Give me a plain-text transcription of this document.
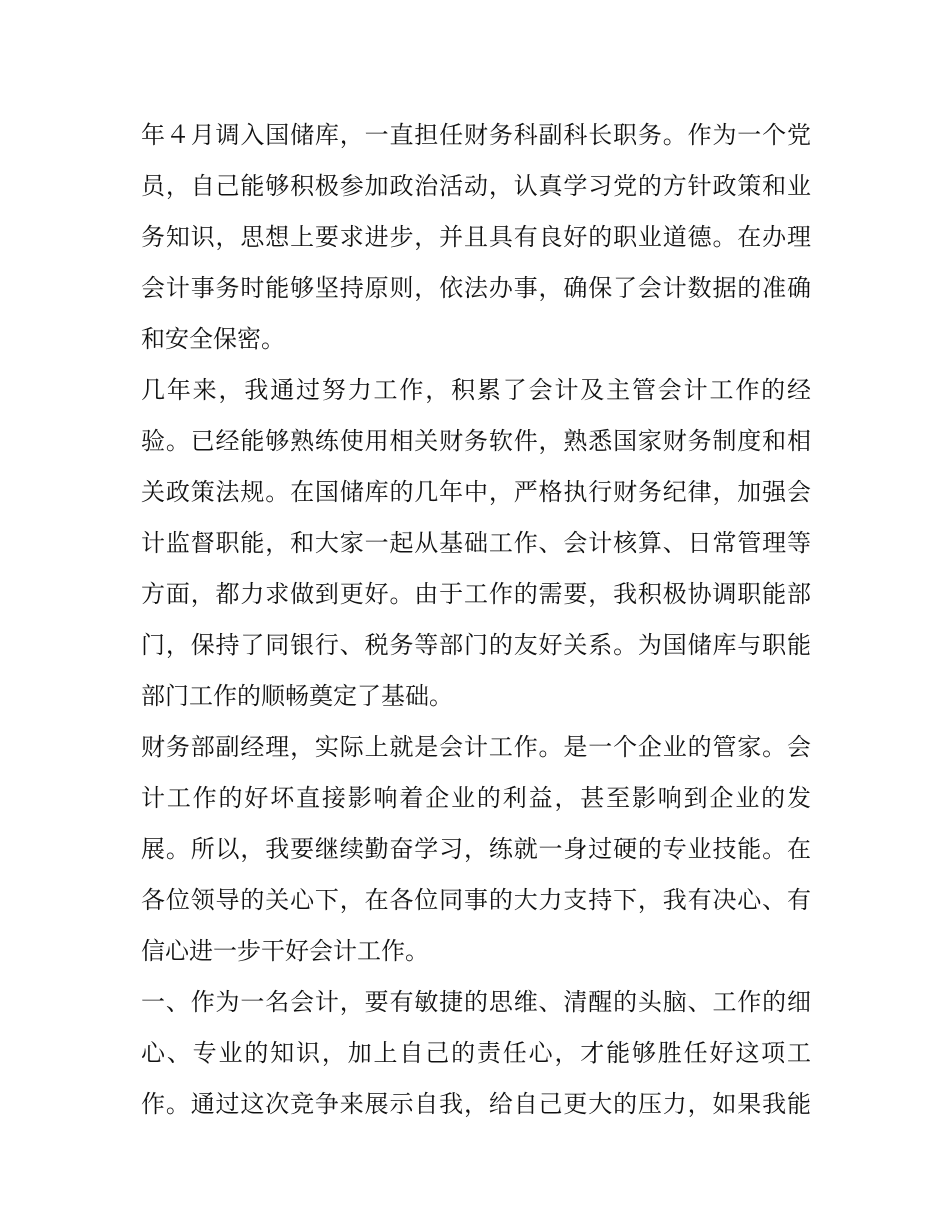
年４月调入国储库，一直担任财务科副科长职务。作为一个党
员，自己能够积极参加政治活动，认真学习党的方针政策和业
务知识，思想上要求进步，并且具有良好的职业道德。在办理
会计事务时能够坚持原则，依法办事，确保了会计数据的准确
和安全保密。
几年来，我通过努力工作，积累了会计及主管会计工作的经
验。已经能够熟练使用相关财务软件，熟悉国家财务制度和相
关政策法规。在国储库的几年中，严格执行财务纪律，加强会
计监督职能，和大家一起从基础工作、会计核算、日常管理等
方面，都力求做到更好。由于工作的需要，我积极协调职能部
门，保持了同银行、税务等部门的友好关系。为国储库与职能
部门工作的顺畅奠定了基础。
财务部副经理，实际上就是会计工作。是一个企业的管家。会
计工作的好坏直接影响着企业的利益，甚至影响到企业的发
展。所以，我要继续勤奋学习，练就一身过硬的专业技能。在
各位领导的关心下，在各位同事的大力支持下，我有决心、有
信心进一步干好会计工作。
一、作为一名会计，要有敏捷的思维、清醒的头脑、工作的细
心、专业的知识，加上自己的责任心，才能够胜任好这项工
作。通过这次竞争来展示自我，给自己更大的压力，如果我能
